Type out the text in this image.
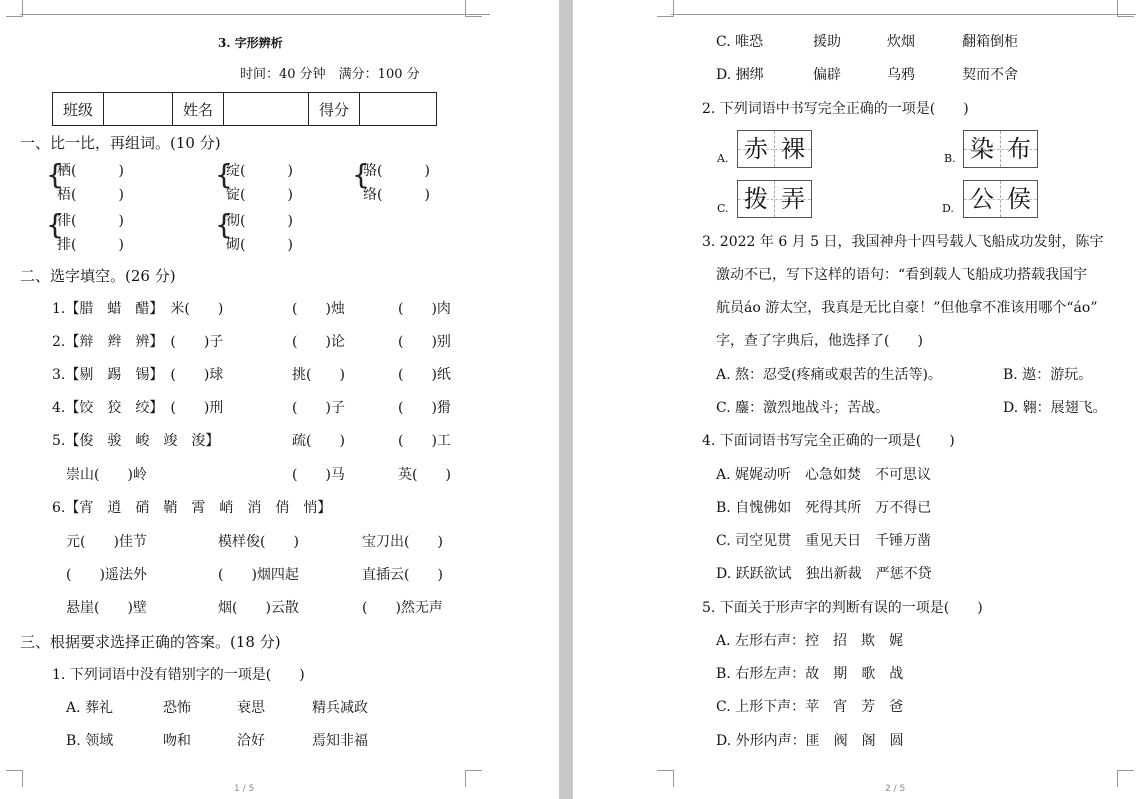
3. 字形辨析
时间：40 分钟　满分：100 分
班级		姓名		得分	
一、比一比，再组词。(10 分)
{
栖(　　　)
梧(　　　)
{
绽(　　　)
锭(　　　)
{
骆(　　　)
络(　　　)
{
徘(　　　)
排(　　　)
{
彻(　　　)
砌(　　　)
二、选字填空。(26 分)
1.【腊　蜡　醋】　米(　　)	(　　)烛	(　　)肉
2.【辩　辫　辨】　(　　)子	(　　)论	(　　)别
3.【剔　踢　锡】　(　　)球	挑(　　)	(　　)纸
4.【饺　狡　绞】　(　　)刑	(　　)子	(　　)猾
5.【俊　骏　峻　竣　浚】	疏(　　)	(　　)工
崇山(　　)岭	(　　)马	英(　　)
6.【宵　逍　硝　鞘　霄　峭　消　俏　悄】
元(　　)佳节	模样俊(　　)	宝刀出(　　)
(　　)遥法外	(　　)烟四起	直插云(　　)
悬崖(　　)壁	烟(　　)云散	(　　)然无声
三、根据要求选择正确的答案。(18 分)
1. 下列词语中没有错别字的一项是(　　)
A. 葬礼	恐怖	衰思	精兵减政
B. 领域	吻和	洽好	焉知非福
1 / 5
C. 唯恐	援助	炊烟	翻箱倒柜
D. 捆绑	偏辟	乌鸦	契而不舍
2. 下列词语中书写完全正确的一项是(　　)
A. 赤 裸	B. 染 布
C. 拨 弄	D. 公 侯
3. 2022 年 6 月 5 日，我国神舟十四号载人飞船成功发射，陈宇
激动不已，写下这样的语句：“看到载人飞船成功搭载我国宇
航员áo 游太空，我真是无比自豪！”但他拿不准该用哪个“áo”
字，查了字典后，他选择了(　　)
A. 熬：忍受(疼痛或艰苦的生活等)。	B. 遨：游玩。
C. 鏖：激烈地战斗；苦战。	D. 翱：展翅飞。
4. 下面词语书写完全正确的一项是(　　)
A. 娓娓动听　心急如焚　不可思议
B. 自愧佛如　死得其所　万不得已
C. 司空见贯　重见天日　千锤万凿
D. 跃跃欲试　独出新裁　严惩不贷
5. 下面关于形声字的判断有误的一项是(　　)
A. 左形右声：控　招　欺　娓
B. 右形左声：故　期　歌　战
C. 上形下声：苹　宵　芳　爸
D. 外形内声：匪　阀　阁　圆
2 / 5
